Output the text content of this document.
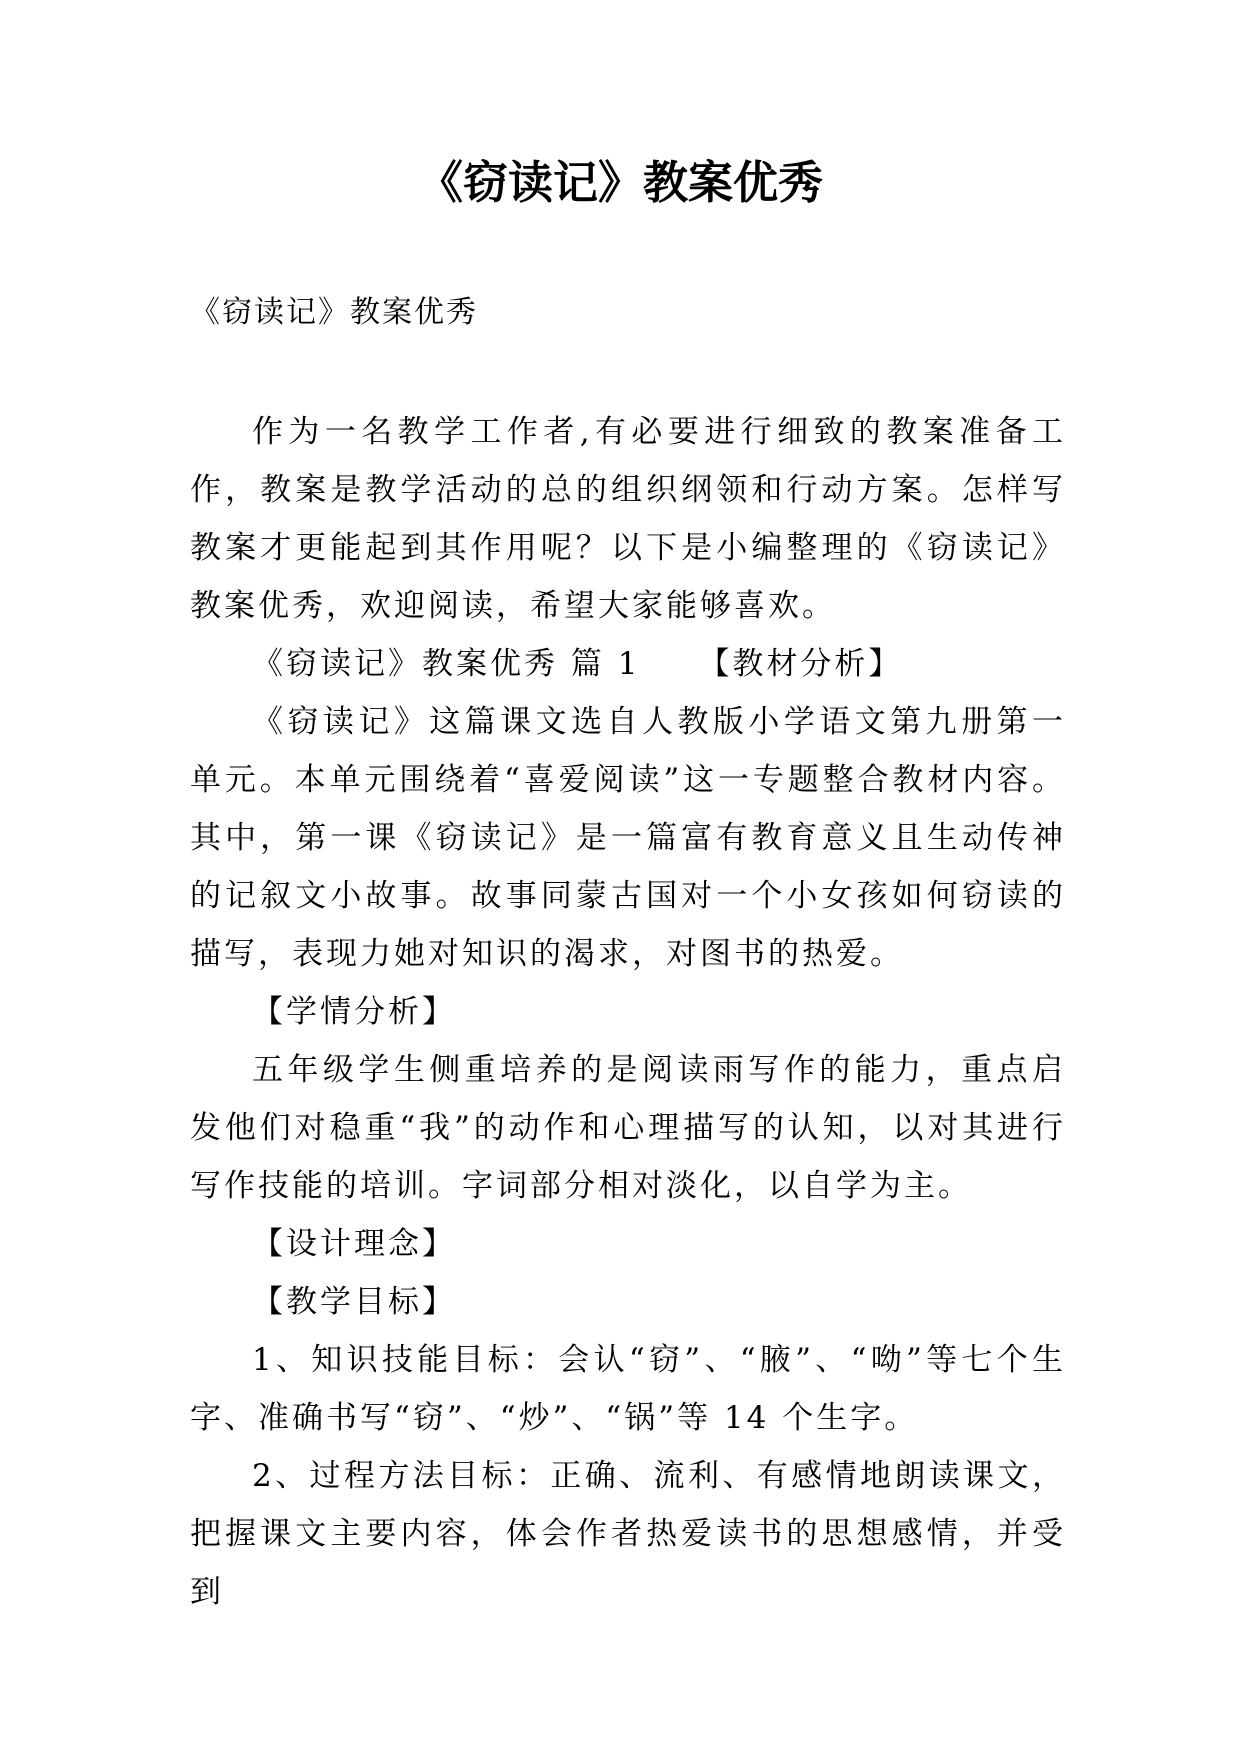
《窃读记》教案优秀
《窃读记》教案优秀

作为一名教学工作者,有必要进行细致的教案准备工作，教案是教学活动的总的组织纲领和行动方案。怎样写教案才更能起到其作用呢？以下是小编整理的《窃读记》教案优秀，欢迎阅读，希望大家能够喜欢。

《窃读记》教案优秀 篇 1 【教材分析】

《窃读记》这篇课文选自人教版小学语文第九册第一单元。本单元围绕着“喜爱阅读”这一专题整合教材内容。其中，第一课《窃读记》是一篇富有教育意义且生动传神的记叙文小故事。故事同蒙古国对一个小女孩如何窃读的描写，表现力她对知识的渴求，对图书的热爱。

【学情分析】

五年级学生侧重培养的是阅读雨写作的能力，重点启发他们对稳重“我”的动作和心理描写的认知，以对其进行写作技能的培训。字词部分相对淡化，以自学为主。

【设计理念】

【教学目标】

1、知识技能目标：会认“窃”、“腋”、“呦”等七个生字、准确书写“窃”、“炒”、“锅”等 14 个生字。

2、过程方法目标：正确、流利、有感情地朗读课文，把握课文主要内容，体会作者热爱读书的思想感情，并受到
